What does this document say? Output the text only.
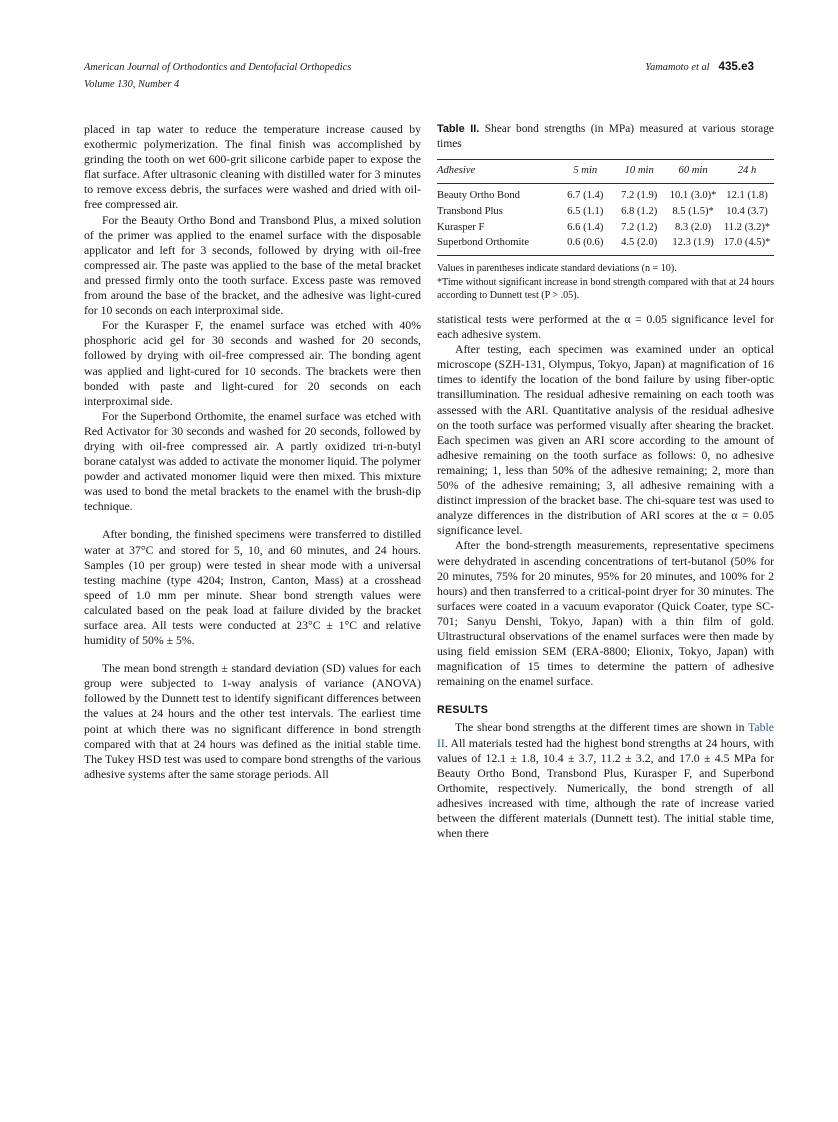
American Journal of Orthodontics and Dentofacial Orthopedics
Volume 130, Number 4
Yamamoto et al 435.e3

placed in tap water to reduce the temperature increase caused by exothermic polymerization. The final finish was accomplished by grinding the tooth on wet 600-grit silicone carbide paper to expose the flat surface. After ultrasonic cleaning with distilled water for 3 minutes to remove excess debris, the surfaces were washed and dried with oil-free compressed air.

For the Beauty Ortho Bond and Transbond Plus, a mixed solution of the primer was applied to the enamel surface with the disposable applicator and left for 3 seconds, followed by drying with oil-free compressed air. The paste was applied to the base of the metal bracket and pressed firmly onto the tooth surface. Excess paste was removed from around the base of the bracket, and the adhesive was light-cured for 10 seconds on each interproximal side.

For the Kurasper F, the enamel surface was etched with 40% phosphoric acid gel for 30 seconds and washed for 20 seconds, followed by drying with oil-free compressed air. The bonding agent was applied and light-cured for 10 seconds. The brackets were then bonded with paste and light-cured for 20 seconds on each interproximal side.

For the Superbond Orthomite, the enamel surface was etched with Red Activator for 30 seconds and washed for 20 seconds, followed by drying with oil-free compressed air. A partly oxidized tri-n-butyl borane catalyst was added to activate the monomer liquid. The polymer powder and activated monomer liquid were then mixed. This mixture was used to bond the metal brackets to the enamel with the brush-dip technique.

After bonding, the finished specimens were transferred to distilled water at 37°C and stored for 5, 10, and 60 minutes, and 24 hours. Samples (10 per group) were tested in shear mode with a universal testing machine (type 4204; Instron, Canton, Mass) at a crosshead speed of 1.0 mm per minute. Shear bond strength values were calculated based on the peak load at failure divided by the bracket surface area. All tests were conducted at 23°C ± 1°C and relative humidity of 50% ± 5%.

The mean bond strength ± standard deviation (SD) values for each group were subjected to 1-way analysis of variance (ANOVA) followed by the Dunnett test to identify significant differences between the values at 24 hours and the other test intervals. The earliest time point at which there was no significant difference in bond strength compared with that at 24 hours was defined as the initial stable time. The Tukey HSD test was used to compare bond strengths of the various adhesive systems after the same storage periods. All

Table II. Shear bond strengths (in MPa) measured at various storage times
Adhesive	5 min	10 min	60 min	24 h
Beauty Ortho Bond	6.7 (1.4)	7.2 (1.9)	10.1 (3.0)*	12.1 (1.8)
Transbond Plus	6.5 (1.1)	6.8 (1.2)	8.5 (1.5)*	10.4 (3.7)
Kurasper F	6.6 (1.4)	7.2 (1.2)	8.3 (2.0)	11.2 (3.2)*
Superbond Orthomite	0.6 (0.6)	4.5 (2.0)	12.3 (1.9)	17.0 (4.5)*
Values in parentheses indicate standard deviations (n = 10).
*Time without significant increase in bond strength compared with that at 24 hours according to Dunnett test (P > .05).

statistical tests were performed at the α = 0.05 significance level for each adhesive system.

After testing, each specimen was examined under an optical microscope (SZH-131, Olympus, Tokyo, Japan) at magnification of 16 times to identify the location of the bond failure by using fiber-optic transillumination. The residual adhesive remaining on each tooth was assessed with the ARI. Quantitative analysis of the residual adhesive on the tooth surface was performed visually after shearing the bracket. Each specimen was given an ARI score according to the amount of adhesive remaining on the tooth surface as follows: 0, no adhesive remaining; 1, less than 50% of the adhesive remaining; 2, more than 50% of the adhesive remaining; 3, all adhesive remaining with a distinct impression of the bracket base. The chi-square test was used to analyze differences in the distribution of ARI scores at the α = 0.05 significance level.

After the bond-strength measurements, representative specimens were dehydrated in ascending concentrations of tert-butanol (50% for 20 minutes, 75% for 20 minutes, 95% for 20 minutes, and 100% for 2 hours) and then transferred to a critical-point dryer for 30 minutes. The surfaces were coated in a vacuum evaporator (Quick Coater, type SC-701; Sanyu Denshi, Tokyo, Japan) with a thin film of gold. Ultrastructural observations of the enamel surfaces were then made by using field emission SEM (ERA-8800; Elionix, Tokyo, Japan) with magnification of 15 times to determine the pattern of adhesive remaining on the enamel surface.

RESULTS

The shear bond strengths at the different times are shown in Table II. All materials tested had the highest bond strengths at 24 hours, with values of 12.1 ± 1.8, 10.4 ± 3.7, 11.2 ± 3.2, and 17.0 ± 4.5 MPa for Beauty Ortho Bond, Transbond Plus, Kurasper F, and Superbond Orthomite, respectively. Numerically, the bond strength of all adhesives increased with time, although the rate of increase varied between the different materials (Dunnett test). The initial stable time, when there
